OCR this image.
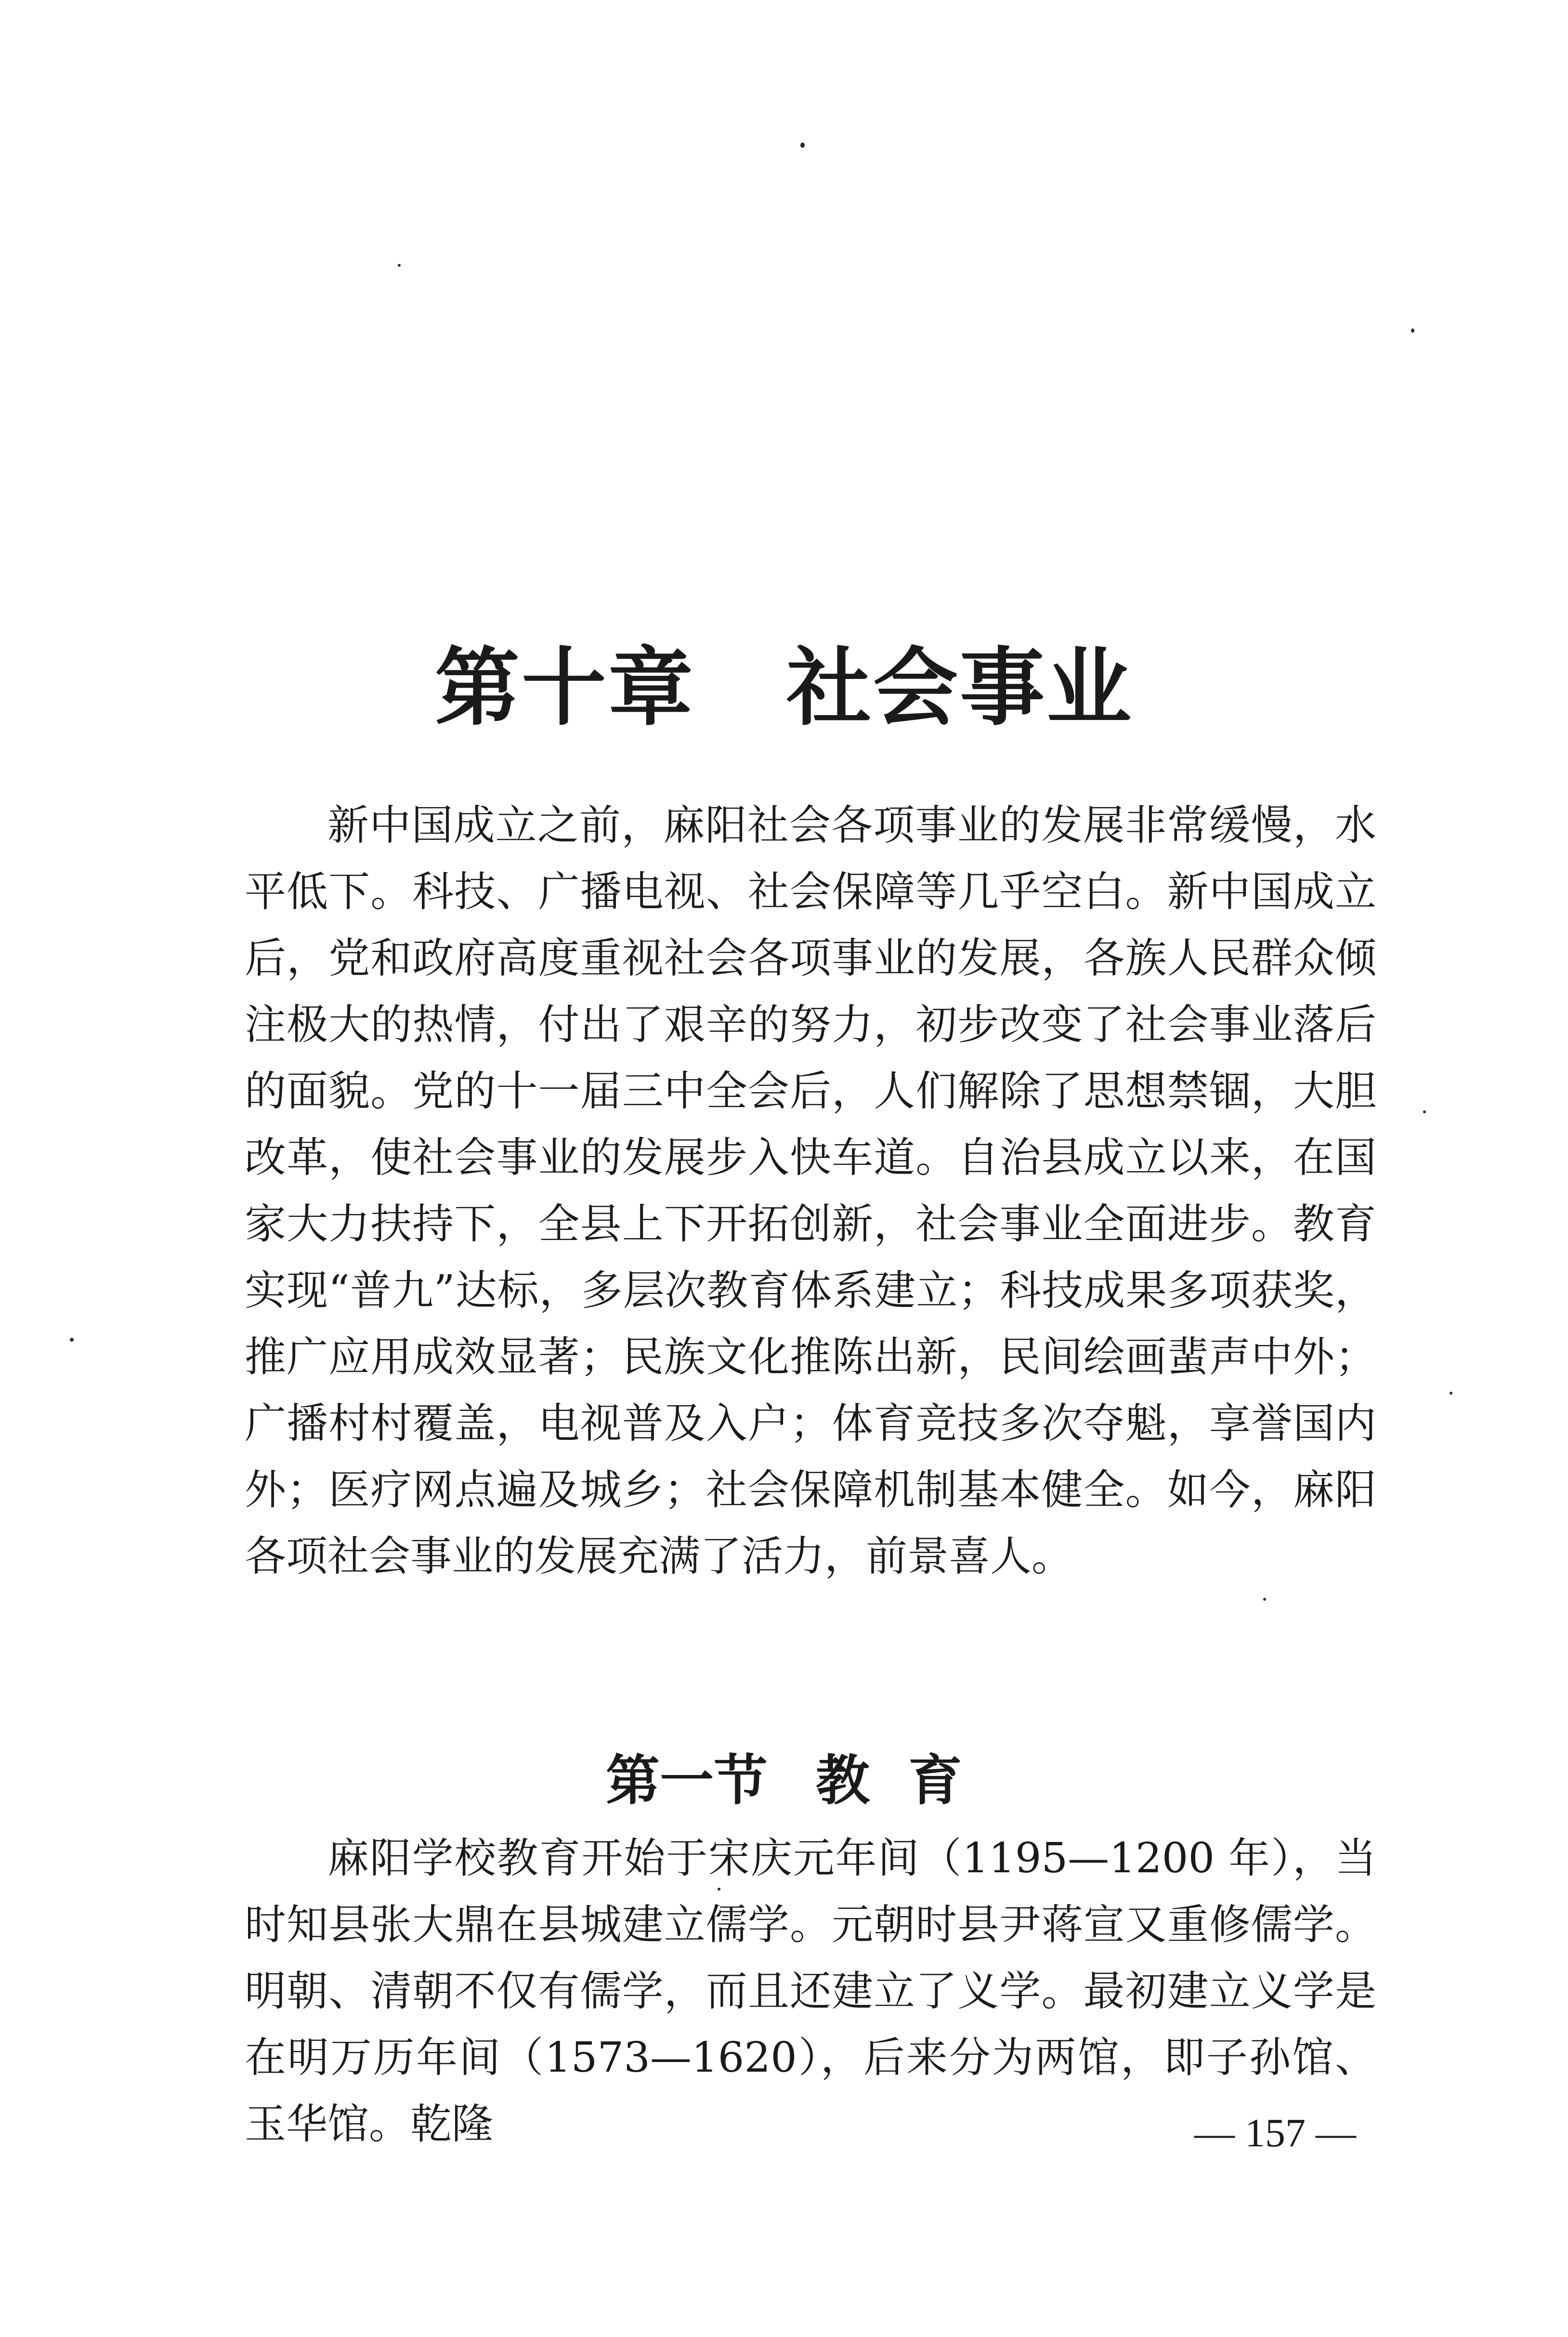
第十章 社会事业

新中国成立之前，麻阳社会各项事业的发展非常缓慢，水平低下。科技、广播电视、社会保障等几乎空白。新中国成立后，党和政府高度重视社会各项事业的发展，各族人民群众倾注极大的热情，付出了艰辛的努力，初步改变了社会事业落后的面貌。党的十一届三中全会后，人们解除了思想禁锢，大胆改革，使社会事业的发展步入快车道。自治县成立以来，在国家大力扶持下，全县上下开拓创新，社会事业全面进步。教育实现“普九”达标，多层次教育体系建立；科技成果多项获奖，推广应用成效显著；民族文化推陈出新，民间绘画蜚声中外；广播村村覆盖，电视普及入户；体育竞技多次夺魁，享誉国内外；医疗网点遍及城乡；社会保障机制基本健全。如今，麻阳各项社会事业的发展充满了活力，前景喜人。

第一节 教 育

麻阳学校教育开始于宋庆元年间（1195—1200 年），当时知县张大鼎在县城建立儒学。元朝时县尹蒋宣又重修儒学。明朝、清朝不仅有儒学，而且还建立了义学。最初建立义学是在明万历年间（1573—1620），后来分为两馆，即子孙馆、玉华馆。乾隆	— 157 —
